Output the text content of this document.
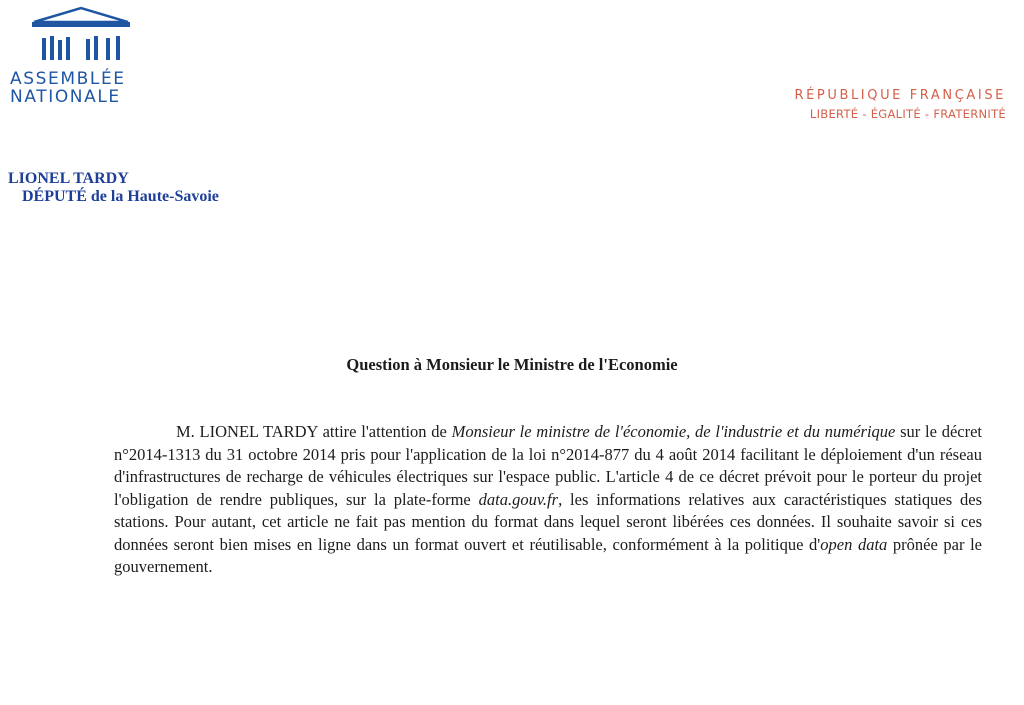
ASSEMBLÉE
NATIONALE	RÉPUBLIQUE FRANÇAISE
LIBERTÉ - ÉGALITÉ - FRATERNITÉ
LIONEL TARDY
DÉPUTÉ de la Haute-Savoie
Question à Monsieur le Ministre de l'Economie

M. LIONEL TARDY attire l'attention de Monsieur le ministre de l'économie, de l'industrie et du numérique sur le décret n°2014-1313 du 31 octobre 2014 pris pour l'application de la loi n°2014-877 du 4 août 2014 facilitant le déploiement d'un réseau d'infrastructures de recharge de véhicules électriques sur l'espace public. L'article 4 de ce décret prévoit pour le porteur du projet l'obligation de rendre publiques, sur la plate-forme data.gouv.fr, les informations relatives aux caractéristiques statiques des stations. Pour autant, cet article ne fait pas mention du format dans lequel seront libérées ces données. Il souhaite savoir si ces données seront bien mises en ligne dans un format ouvert et réutilisable, conformément à la politique d'open data prônée par le gouvernement.
